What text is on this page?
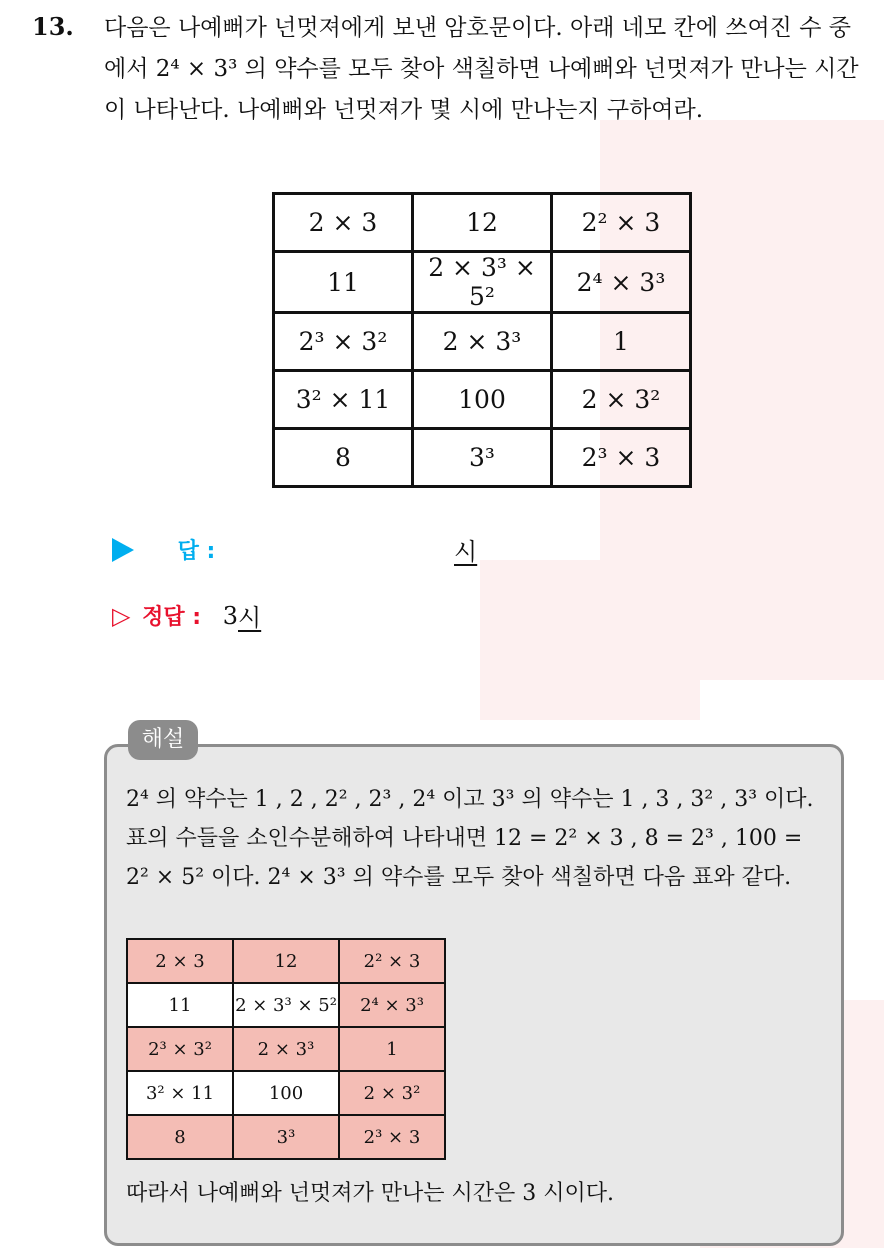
13. 다음은 나예뻐가 넌멋져에게 보낸 암호문이다. 아래 네모 칸에 쓰여진 수 중에서 2⁴ × 3³ 의 약수를 모두 찾아 색칠하면 나예뻐와 넌멋져가 만나는 시간이 나타난다. 나예뻐와 넌멋져가 몇 시에 만나는지 구하여라.
2 × 3	12	2² × 3
11	2 × 3³ × 5²	2⁴ × 3³
2³ × 3²	2 × 3³	1
3² × 11	100	2 × 3²
8	3³	2³ × 3
답 :	시
▷ 정답 : 3시
해설
2⁴ 의 약수는 1 , 2 , 2² , 2³ , 2⁴ 이고 3³ 의 약수는 1 , 3 , 3² , 3³ 이다. 표의 수들을 소인수분해하여 나타내면 12 = 2² × 3 , 8 = 2³ , 100 = 2² × 5² 이다. 2⁴ × 3³ 의 약수를 모두 찾아 색칠하면 다음 표와 같다.
2 × 3	12	2² × 3
11	2 × 3³ × 5²	2⁴ × 3³
2³ × 3²	2 × 3³	1
3² × 11	100	2 × 3²
8	3³	2³ × 3
따라서 나예뻐와 넌멋져가 만나는 시간은 3 시이다.
